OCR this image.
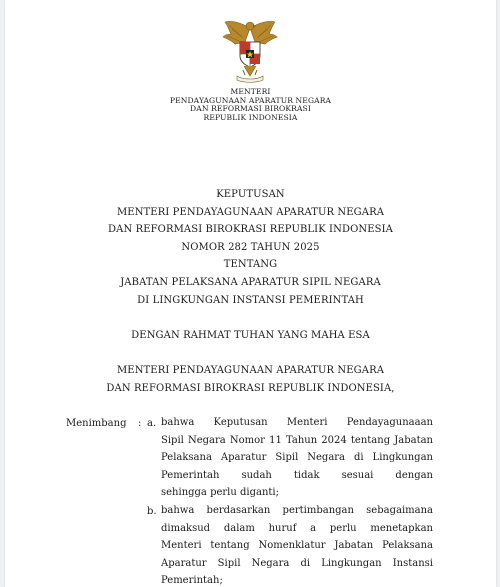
MENTERI
PENDAYAGUNAAN APARATUR NEGARA
DAN REFORMASI BIROKRASI
REPUBLIK INDONESIA
KEPUTUSAN
MENTERI PENDAYAGUNAAN APARATUR NEGARA
DAN REFORMASI BIROKRASI REPUBLIK INDONESIA
NOMOR 282 TAHUN 2025
TENTANG
JABATAN PELAKSANA APARATUR SIPIL NEGARA
DI LINGKUNGAN INSTANSI PEMERINTAH
DENGAN RAHMAT TUHAN YANG MAHA ESA
MENTERI PENDAYAGUNAAN APARATUR NEGARA
DAN REFORMASI BIROKRASI REPUBLIK INDONESIA,
Menimbang : a. bahwa Keputusan Menteri Pendayagunaaan
Sipil Negara Nomor 11 Tahun 2024 tentang Jabatan
Pelaksana Aparatur Sipil Negara di Lingkungan
Pemerintah sudah tidak sesuai dengan
sehingga perlu diganti;
b. bahwa berdasarkan pertimbangan sebagaimana
dimaksud dalam huruf a perlu menetapkan
Menteri tentang Nomenklatur Jabatan Pelaksana
Aparatur Sipil Negara di Lingkungan Instansi
Pemerintah;
